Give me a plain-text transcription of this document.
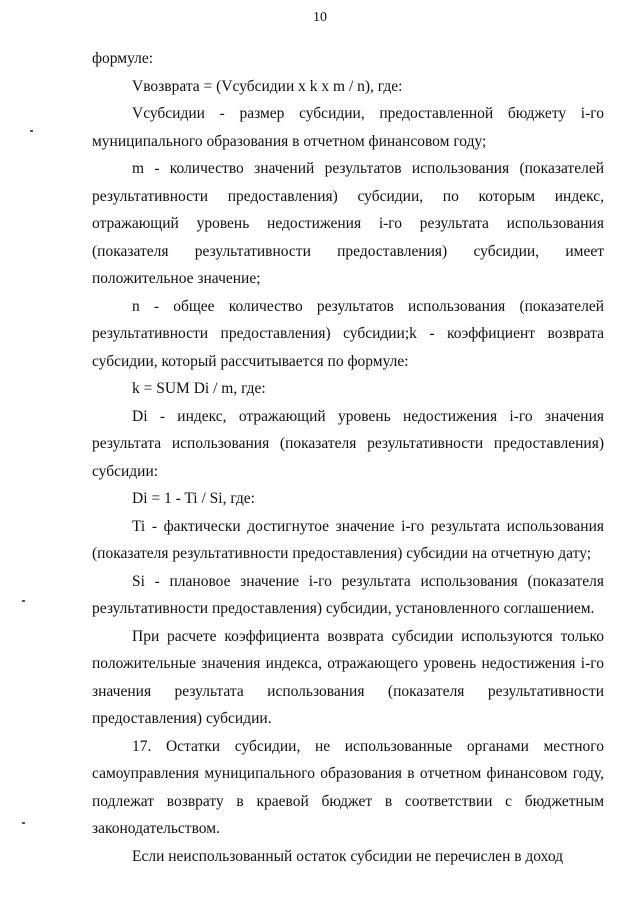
10

формуле:

Vвозврата = (Vсубсидии x k x m / n), где:

Vсубсидии - размер субсидии, предоставленной бюджету i-го муниципального образования в отчетном финансовом году;

m - количество значений результатов использования (показателей результативности предоставления) субсидии, по которым индекс, отражающий уровень недостижения i-го результата использования (показателя результативности предоставления) субсидии, имеет положительное значение;

n - общее количество результатов использования (показателей результативности предоставления) субсидии;k - коэффициент возврата субсидии, который рассчитывается по формуле:

k = SUM Di / m, где:

Di - индекс, отражающий уровень недостижения i-го значения результата использования (показателя результативности предоставления) субсидии:

Di = 1 - Ti / Si, где:

Ti - фактически достигнутое значение i-го результата использования (показателя результативности предоставления) субсидии на отчетную дату;

Si - плановое значение i-го результата использования (показателя результативности предоставления) субсидии, установленного соглашением.

При расчете коэффициента возврата субсидии используются только положительные значения индекса, отражающего уровень недостижения i-го значения результата использования (показателя результативности предоставления) субсидии.

17. Остатки субсидии, не использованные органами местного самоуправления муниципального образования в отчетном финансовом году, подлежат возврату в краевой бюджет в соответствии с бюджетным законодательством.

Если неиспользованный остаток субсидии не перечислен в доход
